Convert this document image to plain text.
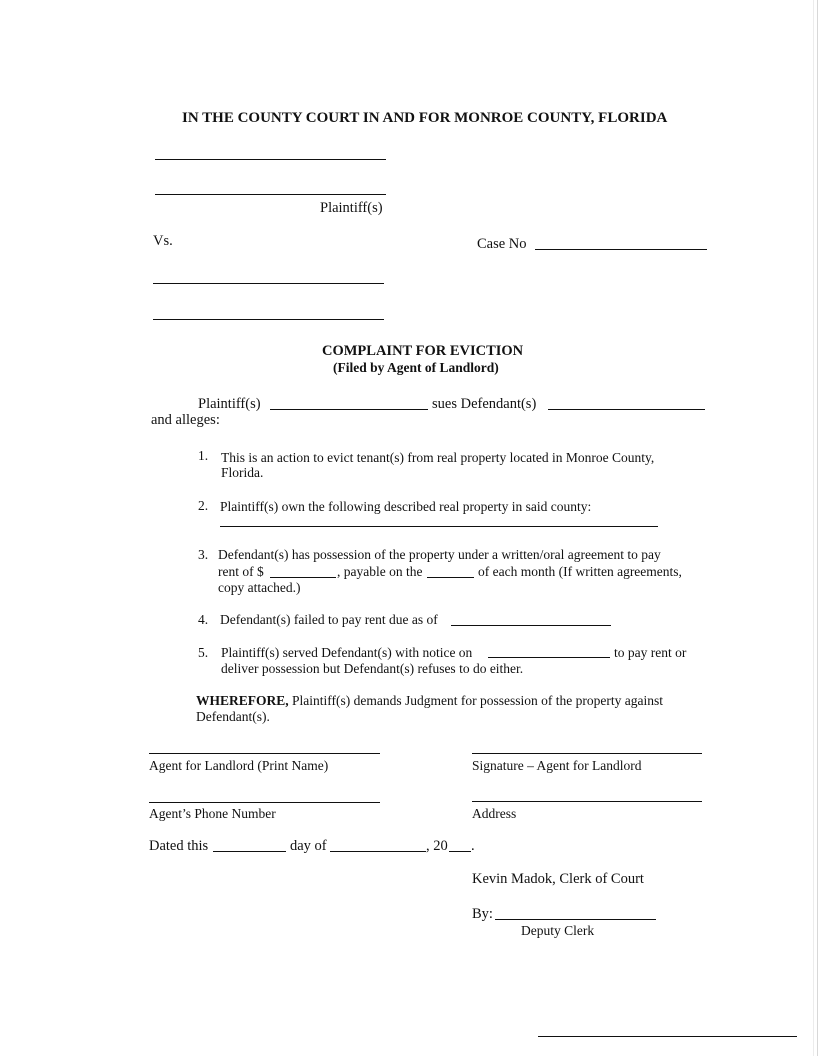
IN THE COUNTY COURT IN AND FOR MONROE COUNTY, FLORIDA
Plaintiff(s)
Vs.	Case No
COMPLAINT FOR EVICTION
(Filed by Agent of Landlord)
Plaintiff(s)	sues Defendant(s)
and alleges:
1. This is an action to evict tenant(s) from real property located in Monroe County,
Florida.
2. Plaintiff(s) own the following described real property in said county:
3. Defendant(s) has possession of the property under a written/oral agreement to pay
rent of $	, payable on the	of each month (If written agreements,
copy attached.)
4. Defendant(s) failed to pay rent due as of
5. Plaintiff(s) served Defendant(s) with notice on	to pay rent or
deliver possession but Defendant(s) refuses to do either.
WHEREFORE, Plaintiff(s) demands Judgment for possession of the property against
Defendant(s).
Agent for Landlord (Print Name)	Signature – Agent for Landlord
Agent’s Phone Number	Address
Dated this	day of	, 20 .
Kevin Madok, Clerk of Court
By:
Deputy Clerk
